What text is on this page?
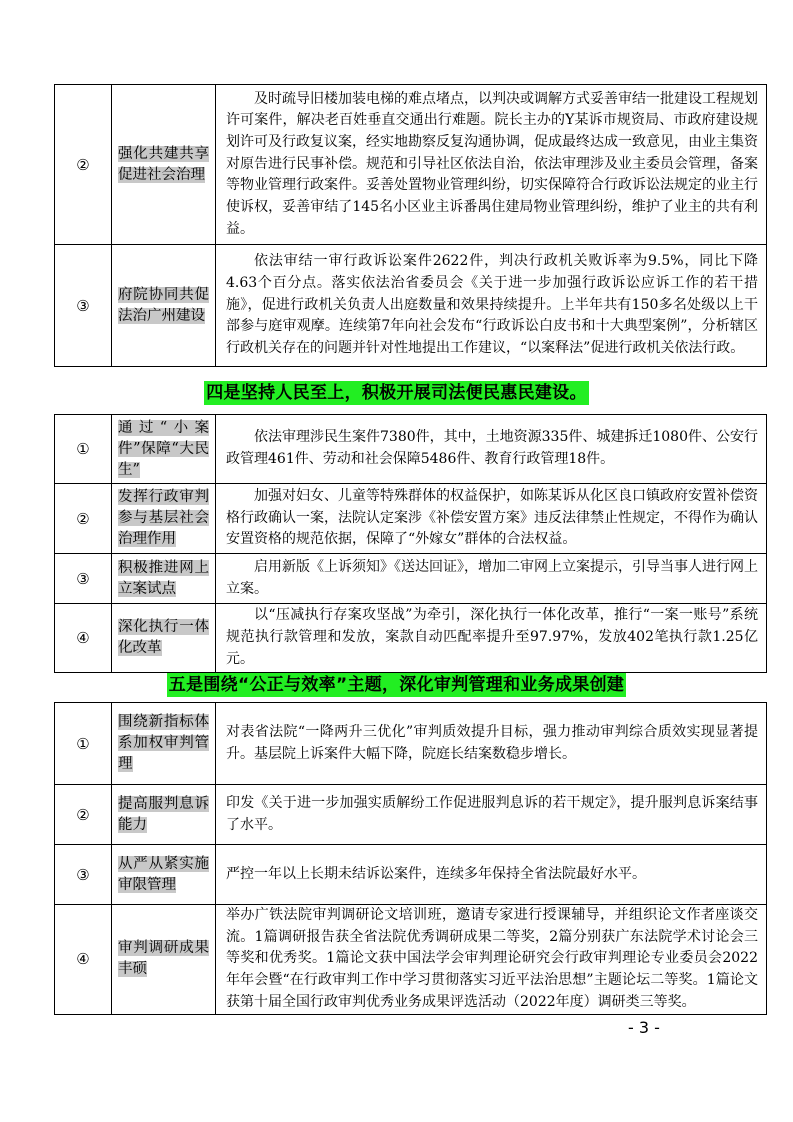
②	强化共建共享促进社会治理	及时疏导旧楼加装电梯的难点堵点，以判决或调解方式妥善审结一批建设工程规划许可案件，解决老百姓垂直交通出行难题。院长主办的Y某诉市规资局、市政府建设规划许可及行政复议案，经实地勘察反复沟通协调，促成最终达成一致意见，由业主集资对原告进行民事补偿。规范和引导社区依法自治，依法审理涉及业主委员会管理，备案等物业管理行政案件。妥善处置物业管理纠纷，切实保障符合行政诉讼法规定的业主行使诉权，妥善审结了145名小区业主诉番禺住建局物业管理纠纷，维护了业主的共有利益。

③	府院协同共促法治广州建设	依法审结一审行政诉讼案件2622件，判决行政机关败诉率为9.5%，同比下降4.63个百分点。落实依法治省委员会《关于进一步加强行政诉讼应诉工作的若干措施》，促进行政机关负责人出庭数量和效果持续提升。上半年共有150多名处级以上干部参与庭审观摩。连续第7年向社会发布“行政诉讼白皮书和十大典型案例”，分析辖区行政机关存在的问题并针对性地提出工作建议，“以案释法”促进行政机关依法行政。
四是坚持人民至上，积极开展司法便民惠民建设。
①	通过“小案件”保障“大民生”	依法审理涉民生案件7380件，其中，土地资源335件、城建拆迁1080件、公安行政管理461件、劳动和社会保障5486件、教育行政管理18件。

②	发挥行政审判参与基层社会治理作用	加强对妇女、儿童等特殊群体的权益保护，如陈某诉从化区良口镇政府安置补偿资格行政确认一案，法院认定案涉《补偿安置方案》违反法律禁止性规定，不得作为确认安置资格的规范依据，保障了“外嫁女”群体的合法权益。

③	积极推进网上立案试点	启用新版《上诉须知》《送达回证》，增加二审网上立案提示，引导当事人进行网上立案。

④	深化执行一体化改革	以“压减执行存案攻坚战”为牵引，深化执行一体化改革，推行“一案一账号”系统规范执行款管理和发放，案款自动匹配率提升至97.97%，发放402笔执行款1.25亿元。
五是围绕“公正与效率”主题，深化审判管理和业务成果创建
①	围绕新指标体系加权审判管理	对表省法院“一降两升三优化”审判质效提升目标，强力推动审判综合质效实现显著提升。基层院上诉案件大幅下降，院庭长结案数稳步增长。

②	提高服判息诉能力	印发《关于进一步加强实质解纷工作促进服判息诉的若干规定》，提升服判息诉案结事了水平。

③	从严从紧实施审限管理	严控一年以上长期未结诉讼案件，连续多年保持全省法院最好水平。

④	审判调研成果丰硕	举办广铁法院审判调研论文培训班，邀请专家进行授课辅导，并组织论文作者座谈交流。1篇调研报告获全省法院优秀调研成果二等奖，2篇分别获广东法院学术讨论会三等奖和优秀奖。1篇论文获中国法学会审判理论研究会行政审判理论专业委员会2022年年会暨“在行政审判工作中学习贯彻落实习近平法治思想”主题论坛二等奖。1篇论文获第十届全国行政审判优秀业务成果评选活动（2022年度）调研类三等奖。
- 3 -
